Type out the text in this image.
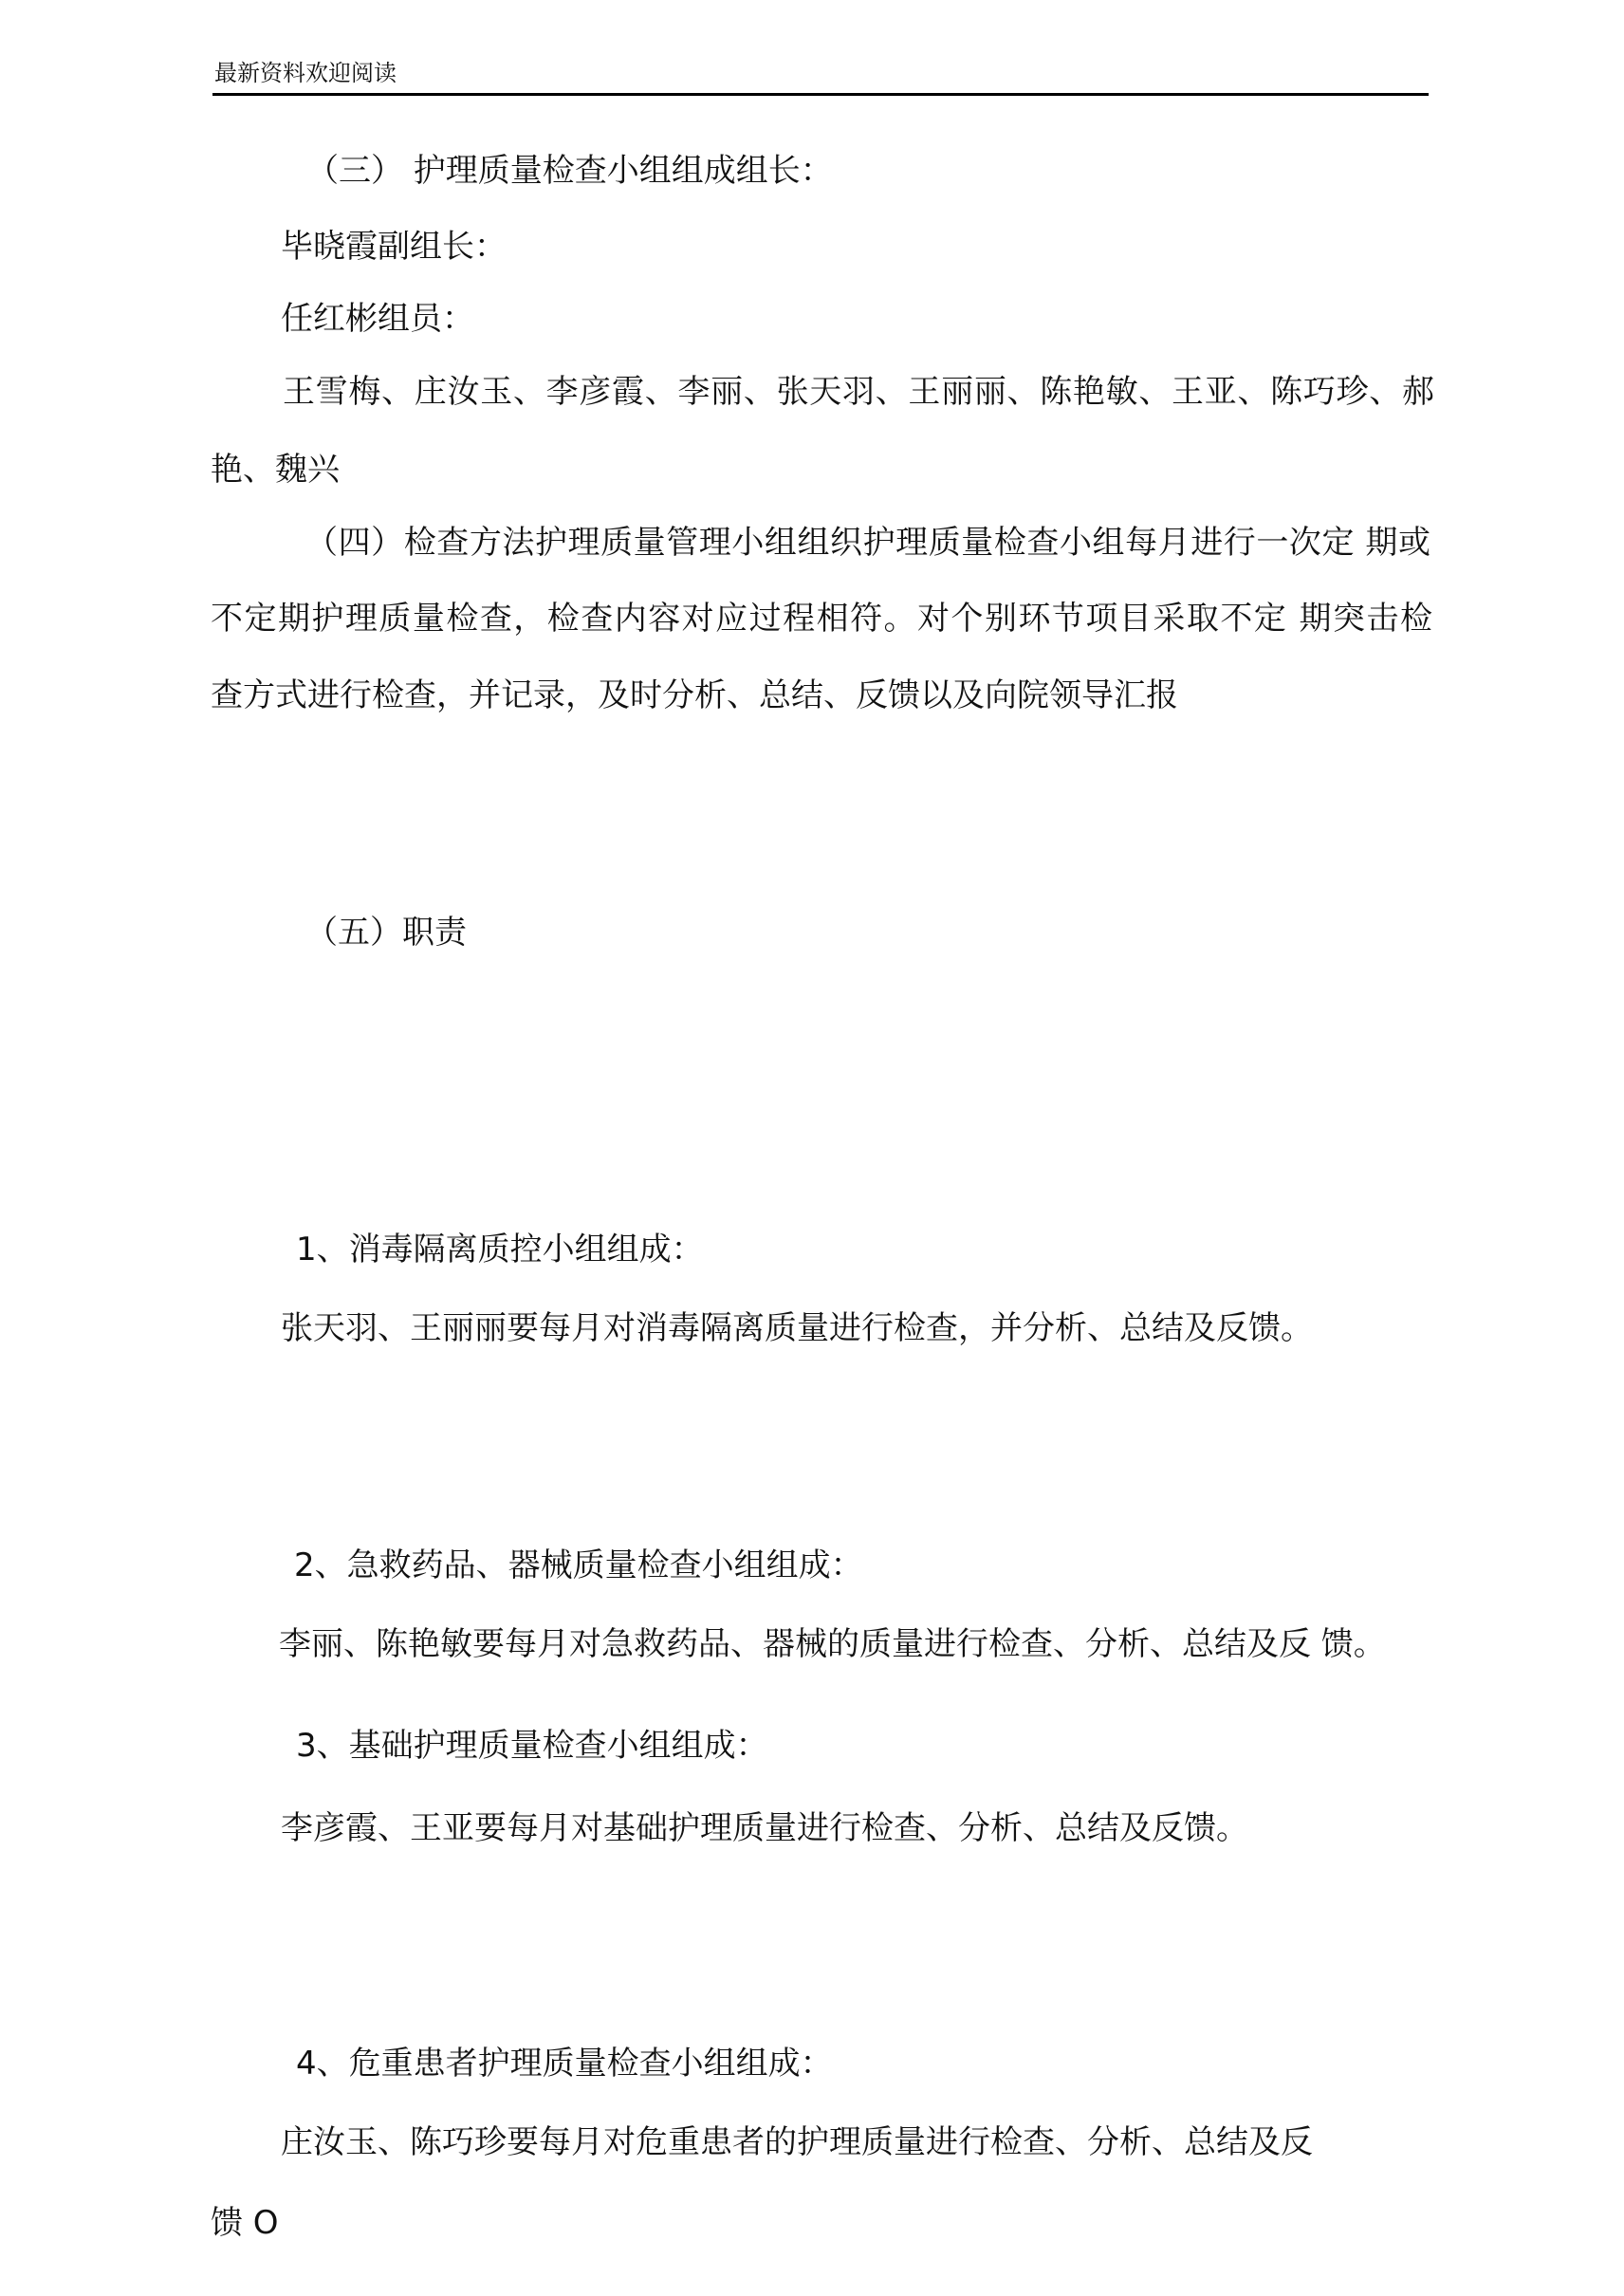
最新资料欢迎阅读
（三） 护理质量检查小组组成组长：
毕晓霞副组长：
任红彬组员：
王雪梅、庄汝玉、李彦霞、李丽、张天羽、王丽丽、陈艳敏、王亚、陈巧珍、郝
艳、魏兴
（四）检查方法护理质量管理小组组织护理质量检查小组每月进行一次定 期或
不定期护理质量检查，检查内容对应过程相符。对个别环节项目采取不定 期突击检
查方式进行检查，并记录，及时分析、总结、反馈以及向院领导汇报
（五）职责
1、消毒隔离质控小组组成：
张天羽、王丽丽要每月对消毒隔离质量进行检查，并分析、总结及反馈。
2、急救药品、器械质量检查小组组成：
李丽、陈艳敏要每月对急救药品、器械的质量进行检查、分析、总结及反 馈。
3、基础护理质量检查小组组成：
李彦霞、王亚要每月对基础护理质量进行检查、分析、总结及反馈。
4、危重患者护理质量检查小组组成：
庄汝玉、陈巧珍要每月对危重患者的护理质量进行检查、分析、总结及反
馈 O
